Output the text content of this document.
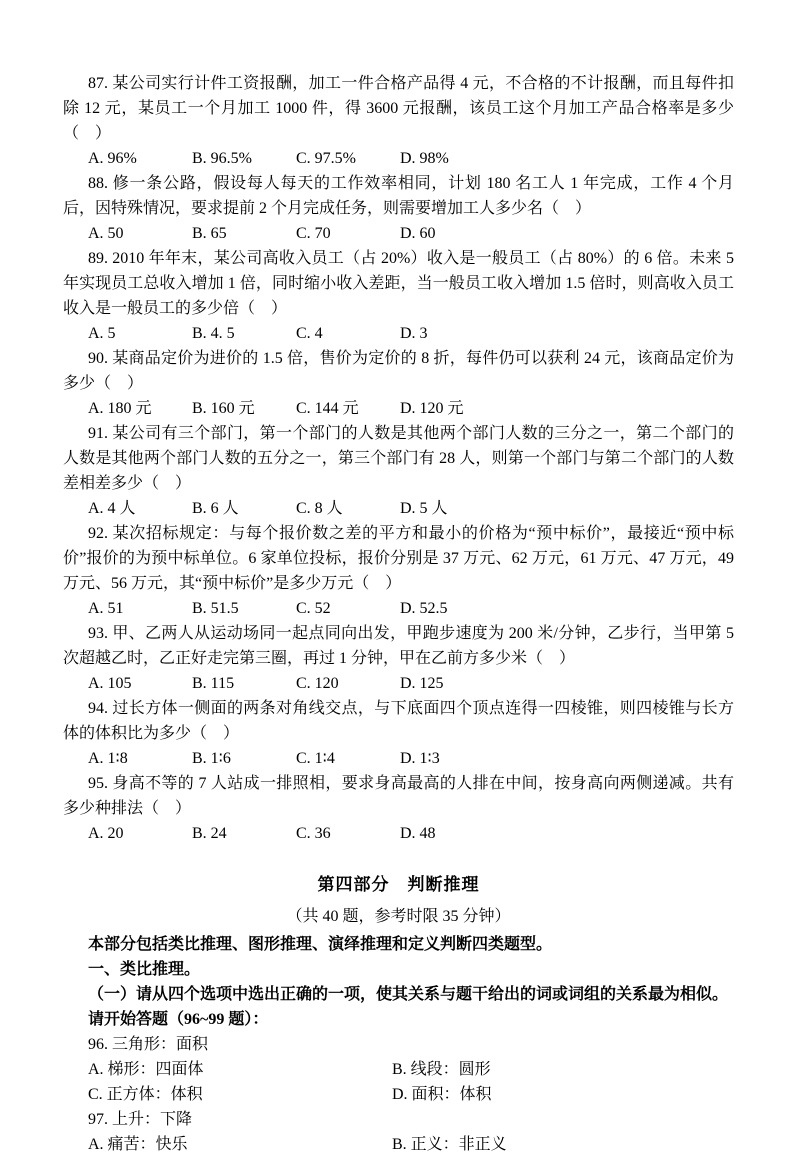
87. 某公司实行计件工资报酬，加工一件合格产品得 4 元，不合格的不计报酬，而且每件扣除 12 元，某员工一个月加工 1000 件，得 3600 元报酬，该员工这个月加工产品合格率是多少（　）

A. 96%	B. 96.5%	C. 97.5%	D. 98%

88. 修一条公路，假设每人每天的工作效率相同，计划 180 名工人 1 年完成，工作 4 个月后，因特殊情况，要求提前 2 个月完成任务，则需要增加工人多少名（　）

A. 50	B. 65	C. 70	D. 60

89. 2010 年年末，某公司高收入员工（占 20%）收入是一般员工（占 80%）的 6 倍。未来 5 年实现员工总收入增加 1 倍，同时缩小收入差距，当一般员工收入增加 1.5 倍时，则高收入员工收入是一般员工的多少倍（　）

A. 5	B. 4. 5	C. 4	D. 3

90. 某商品定价为进价的 1.5 倍，售价为定价的 8 折，每件仍可以获利 24 元，该商品定价为多少（　）

A. 180 元	B. 160 元	C. 144 元	D. 120 元

91. 某公司有三个部门，第一个部门的人数是其他两个部门人数的三分之一，第二个部门的人数是其他两个部门人数的五分之一，第三个部门有 28 人，则第一个部门与第二个部门的人数差相差多少（　）

A. 4 人	B. 6 人	C. 8 人	D. 5 人

92. 某次招标规定：与每个报价数之差的平方和最小的价格为“预中标价”，最接近“预中标价”报价的为预中标单位。6 家单位投标，报价分别是 37 万元、62 万元，61 万元、47 万元，49 万元、56 万元，其“预中标价”是多少万元（　）

A. 51	B. 51.5	C. 52	D. 52.5

93. 甲、乙两人从运动场同一起点同向出发，甲跑步速度为 200 米/分钟，乙步行，当甲第 5 次超越乙时，乙正好走完第三圈，再过 1 分钟，甲在乙前方多少米（　）

A. 105	B. 115	C. 120	D. 125

94. 过长方体一侧面的两条对角线交点，与下底面四个顶点连得一四棱锥，则四棱锥与长方体的体积比为多少（　）

A. 1∶8	B. 1∶6	C. 1∶4	D. 1∶3

95. 身高不等的 7 人站成一排照相，要求身高最高的人排在中间，按身高向两侧递减。共有多少种排法（　）

A. 20	B. 24	C. 36	D. 48

第四部分　判断推理

（共 40 题，参考时限 35 分钟）

本部分包括类比推理、图形推理、演绎推理和定义判断四类题型。

一、类比推理。

（一）请从四个选项中选出正确的一项，使其关系与题干给出的词或词组的关系最为相似。

请开始答题（96~99 题）：

96. 三角形：面积

A. 梯形：四面体	B. 线段：圆形
C. 正方体：体积	D. 面积：体积

97. 上升：下降

A. 痛苦：快乐	B. 正义：非正义
